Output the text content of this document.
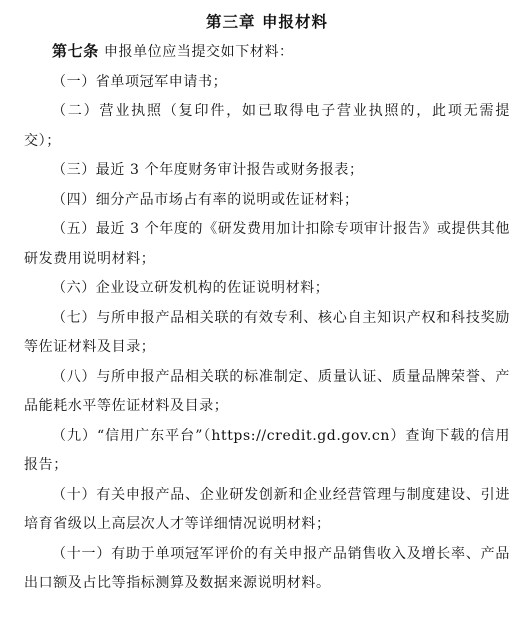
第三章 申报材料

第七条 申报单位应当提交如下材料：

（一）省单项冠军申请书；

（二）营业执照（复印件，如已取得电子营业执照的，此项无需提交）；

（三）最近 3 个年度财务审计报告或财务报表；

（四）细分产品市场占有率的说明或佐证材料；

（五）最近 3 个年度的《研发费用加计扣除专项审计报告》或提供其他研发费用说明材料；

（六）企业设立研发机构的佐证说明材料；

（七）与所申报产品相关联的有效专利、核心自主知识产权和科技奖励等佐证材料及目录；

（八）与所申报产品相关联的标准制定、质量认证、质量品牌荣誉、产品能耗水平等佐证材料及目录；

（九）“信用广东平台”（https://credit.gd.gov.cn）查询下载的信用报告；

（十）有关申报产品、企业研发创新和企业经营管理与制度建设、引进培育省级以上高层次人才等详细情况说明材料；

（十一）有助于单项冠军评价的有关申报产品销售收入及增长率、产品出口额及占比等指标测算及数据来源说明材料。
